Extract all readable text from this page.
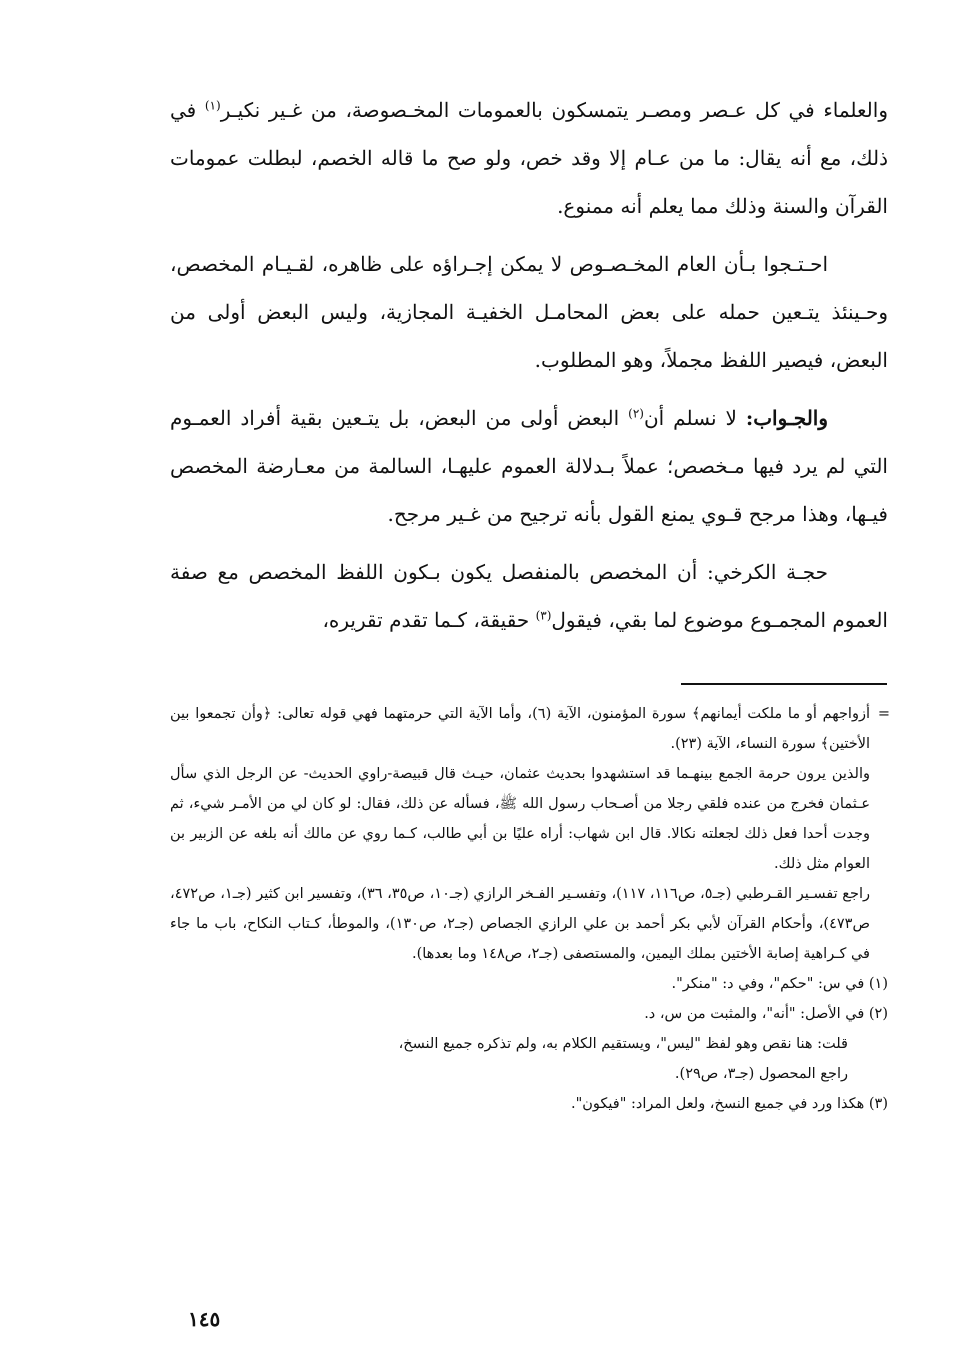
والعلماء في كل عـصر ومصـر يتمسكون بالعمومات المخـصوصة، من غـير نكيـر$^{(١)}$ في ذلك، مع أنه يقال: ما من عـام إلا وقد خص، ولو صح ما قاله الخصم، لبطلت عمومات القرآن والسنة وذلك مما يعلم أنه ممنوع.

احـتـجوا بـأن العام المخـصـوص لا يمكن إجـراؤه على ظاهره، لقـيـام المخصص، وحـينئذ يتـعين حمله على بعض المحامـل الخفيـة المجازية، وليس البعض أولى من البعض، فيصير اللفظ مجملاً، وهو المطلوب.

والجـواب: لا نسلم أن$^{(٢)}$ البعض أولى من البعض، بل يتـعين بقية أفراد العمـوم التي لم يرد فيها مـخصص؛ عملاً بـدلالة العموم عليهـا، السالمة من معـارضة المخصص فيـها، وهذا مرجح قـوي يمنع القول بأنه ترجيح من غـير مرجح.

حجـة الكرخي: أن المخصص بالمنفصل يكون بـكون اللفظ المخصص مع صفة العموم المجمـوع موضوع لما بقي، فيقول$^{(٣)}$ حقيقة، كـما تقدم تقريره،

=
أزواجهم أو ما ملكت أيمانهم﴾ سورة المؤمنون، الآية (٦)، وأما الآية التي حرمتهما فهي قوله تعالى: ﴿وأن تجمعوا بين الأختين﴾ سورة النساء، الآية (٢٣).

والذين يرون حرمة الجمع بينهـما قد استشهدوا بحديث عثمان، حيـث قال قبيصة-راوي الحديث- عن الرجل الذي سأل عـثمان فخرج من عنده فلقي رجلا من أصـحاب رسول الله ﷺ، فسأله عن ذلك، فقال: لو كان لي من الأمـر شيء، ثم وجدت أحدا فعل ذلك لجعلته نكالا. قال ابن شهاب: أراه عليًا بن أبي طالب، كـما روي عن مالك أنه بلغه عن الزبير بن العوام مثل ذلك.

راجع تفسـير القـرطبي (جـ٥، ص١١٦، ١١٧)، وتفسـير الفـخر الرازي (جـ١٠، ص٣٥، ٣٦)، وتفسير ابن كثير (جـ١، ص٤٧٢، ص٤٧٣)، وأحكام القرآن لأبي بكر أحمد بن علي الرازي الجصاص (جـ٢، ص١٣٠)، والموطأ، كـتاب النكاح، باب ما جاء في كـراهية إصابة الأختين بملك اليمين، والمستصفى (جـ٢، ص١٤٨ وما بعدها).

(١) في س: "حكم"، وفي د: "منكر".

(٢) في الأصل: "أنه"، والمثبت من س، د.

قلت: هنا نقص وهو لفظ "ليس"، ويستقيم الكلام به، ولم تذكره جميع النسخ،

راجع المحصول (جـ٣، ص٢٩).

(٣) هكذا ورد في جميع النسخ، ولعل المراد: "فيكون".

١٤٥
